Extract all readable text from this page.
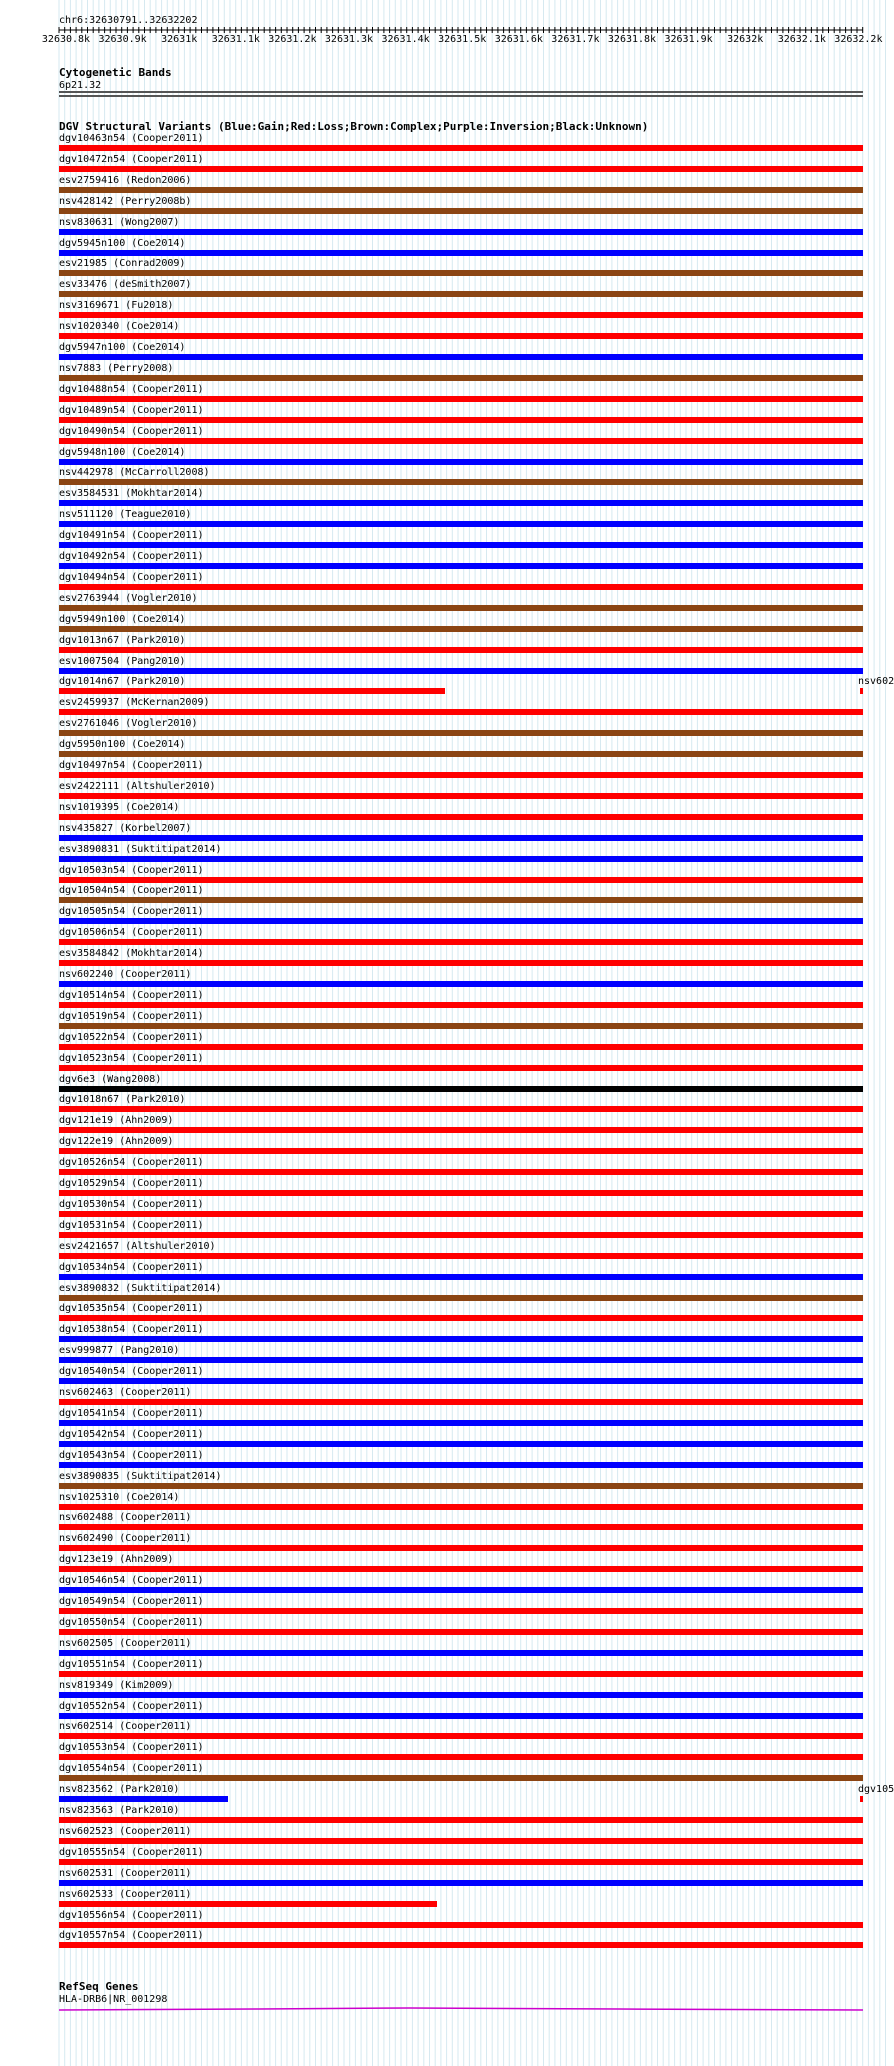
chr6:32630791..32632202
32630.8k 32630.9k	32631k	32631.1k 32631.2k 32631.3k 32631.4k 32631.5k 32631.6k 32631.7k 32631.8k 32631.9k	32632k	32632.1k 32632.2k
Cytogenetic Bands
6p21.32
DGV Structural Variants (Blue:Gain;Red:Loss;Brown:Complex;Purple:Inversion;Black:Unknown)
dgv10463n54 (Cooper2011)
dgv10472n54 (Cooper2011)
esv2759416 (Redon2006)
nsv428142 (Perry2008b)
nsv830631 (Wong2007)
dgv5945n100 (Coe2014)
esv21985 (Conrad2009)
esv33476 (deSmith2007)
nsv3169671 (Fu2018)
nsv1020340 (Coe2014)
dgv5947n100 (Coe2014)
nsv7883 (Perry2008)
dgv10488n54 (Cooper2011)
dgv10489n54 (Cooper2011)
dgv10490n54 (Cooper2011)
dgv5948n100 (Coe2014)
nsv442978 (McCarroll2008)
esv3584531 (Mokhtar2014)
nsv511120 (Teague2010)
dgv10491n54 (Cooper2011)
dgv10492n54 (Cooper2011)
dgv10494n54 (Cooper2011)
esv2763944 (Vogler2010)
dgv5949n100 (Coe2014)
dgv1013n67 (Park2010)
esv1007504 (Pang2010)
dgv1014n67 (Park2010)
esv2459937 (McKernan2009)
esv2761046 (Vogler2010)
dgv5950n100 (Coe2014)
dgv10497n54 (Cooper2011)
esv2422111 (Altshuler2010)
nsv1019395 (Coe2014)
nsv435827 (Korbel2007)
esv3890831 (Suktitipat2014)
dgv10503n54 (Cooper2011)
dgv10504n54 (Cooper2011)
dgv10505n54 (Cooper2011)
dgv10506n54 (Cooper2011)
esv3584842 (Mokhtar2014)
nsv602240 (Cooper2011)
dgv10514n54 (Cooper2011)
dgv10519n54 (Cooper2011)
dgv10522n54 (Cooper2011)
dgv10523n54 (Cooper2011)
dgv6e3 (Wang2008)
dgv1018n67 (Park2010)
dgv121e19 (Ahn2009)
dgv122e19 (Ahn2009)
dgv10526n54 (Cooper2011)
dgv10529n54 (Cooper2011)
dgv10530n54 (Cooper2011)
dgv10531n54 (Cooper2011)
esv2421657 (Altshuler2010)
dgv10534n54 (Cooper2011)
esv3890832 (Suktitipat2014)
dgv10535n54 (Cooper2011)
dgv10538n54 (Cooper2011)
esv999877 (Pang2010)
dgv10540n54 (Cooper2011)
nsv602463 (Cooper2011)
dgv10541n54 (Cooper2011)
dgv10542n54 (Cooper2011)
dgv10543n54 (Cooper2011)
esv3890835 (Suktitipat2014)
nsv1025310 (Coe2014)
nsv602488 (Cooper2011)
nsv602490 (Cooper2011)
dgv123e19 (Ahn2009)
dgv10546n54 (Cooper2011)
dgv10549n54 (Cooper2011)
dgv10550n54 (Cooper2011)
nsv602505 (Cooper2011)
dgv10551n54 (Cooper2011)
nsv819349 (Kim2009)
dgv10552n54 (Cooper2011)
nsv602514 (Cooper2011)
dgv10553n54 (Cooper2011)
dgv10554n54 (Cooper2011)
nsv823562 (Park2010)
nsv823563 (Park2010)
nsv602523 (Cooper2011)
dgv10555n54 (Cooper2011)
nsv602531 (Cooper2011)
nsv602533 (Cooper2011)
dgv10556n54 (Cooper2011)
dgv10557n54 (Cooper2011)
nsv602
dgv105
RefSeq Genes
HLA-DRB6|NR_001298
